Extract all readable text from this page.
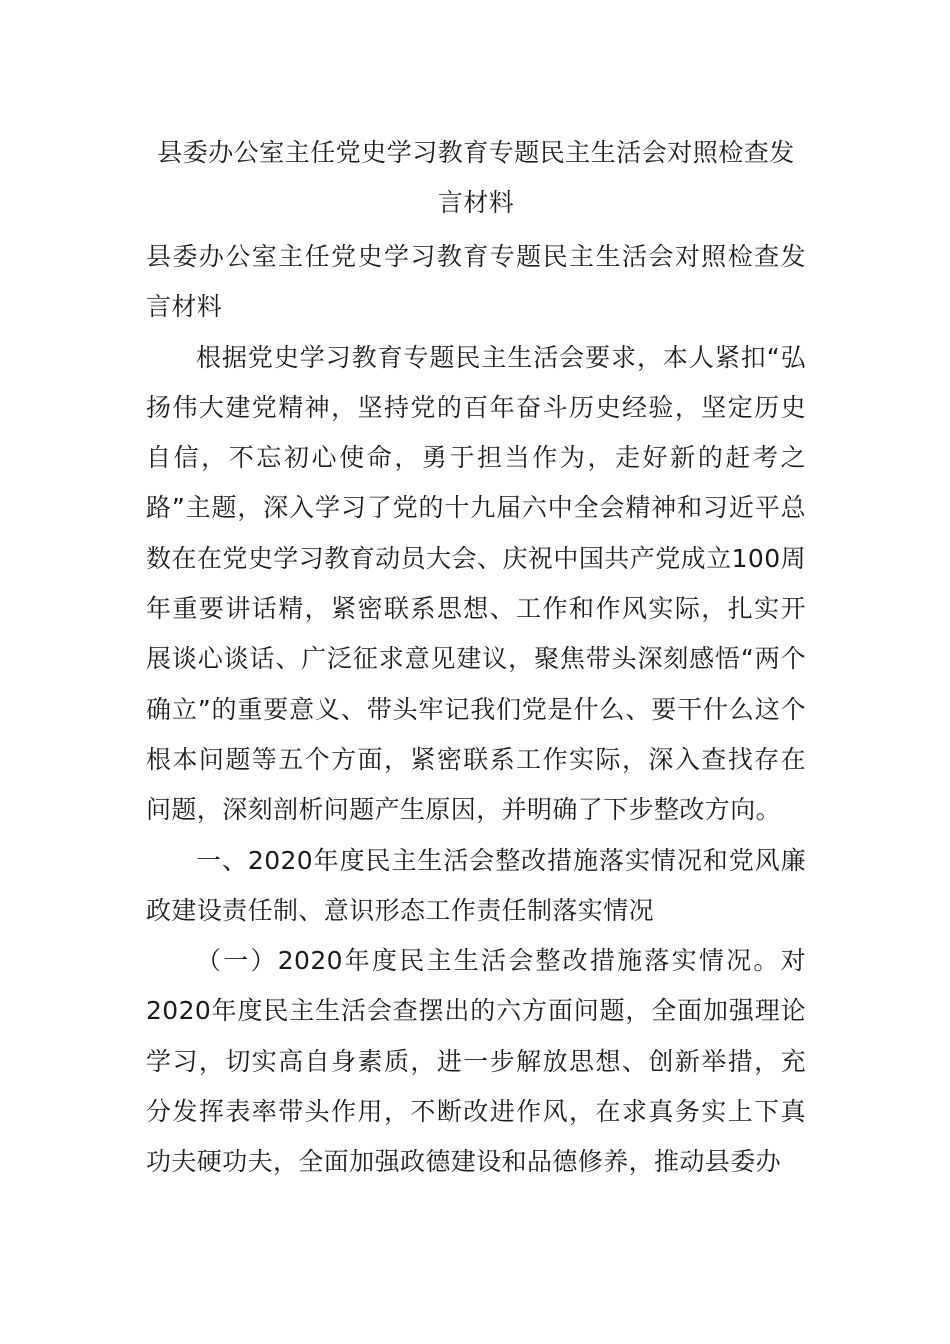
县委办公室主任党史学习教育专题民主生活会对照检查发
言材料

县委办公室主任党史学习教育专题民主生活会对照检查发言材料

根据党史学习教育专题民主生活会要求，本人紧扣“弘扬伟大建党精神，坚持党的百年奋斗历史经验，坚定历史自信，不忘初心使命，勇于担当作为，走好新的赶考之路”主题，深入学习了党的十九届六中全会精神和习近平总数在在党史学习教育动员大会、庆祝中国共产党成立100周年重要讲话精，紧密联系思想、工作和作风实际，扎实开展谈心谈话、广泛征求意见建议，聚焦带头深刻感悟“两个确立”的重要意义、带头牢记我们党是什么、要干什么这个根本问题等五个方面，紧密联系工作实际，深入查找存在问题，深刻剖析问题产生原因，并明确了下步整改方向。

一、2020年度民主生活会整改措施落实情况和党风廉政建设责任制、意识形态工作责任制落实情况

（一）2020年度民主生活会整改措施落实情况。对2020年度民主生活会查摆出的六方面问题，全面加强理论学习，切实高自身素质，进一步解放思想、创新举措，充分发挥表率带头作用，不断改进作风，在求真务实上下真功夫硬功夫，全面加强政德建设和品德修养，推动县委办
